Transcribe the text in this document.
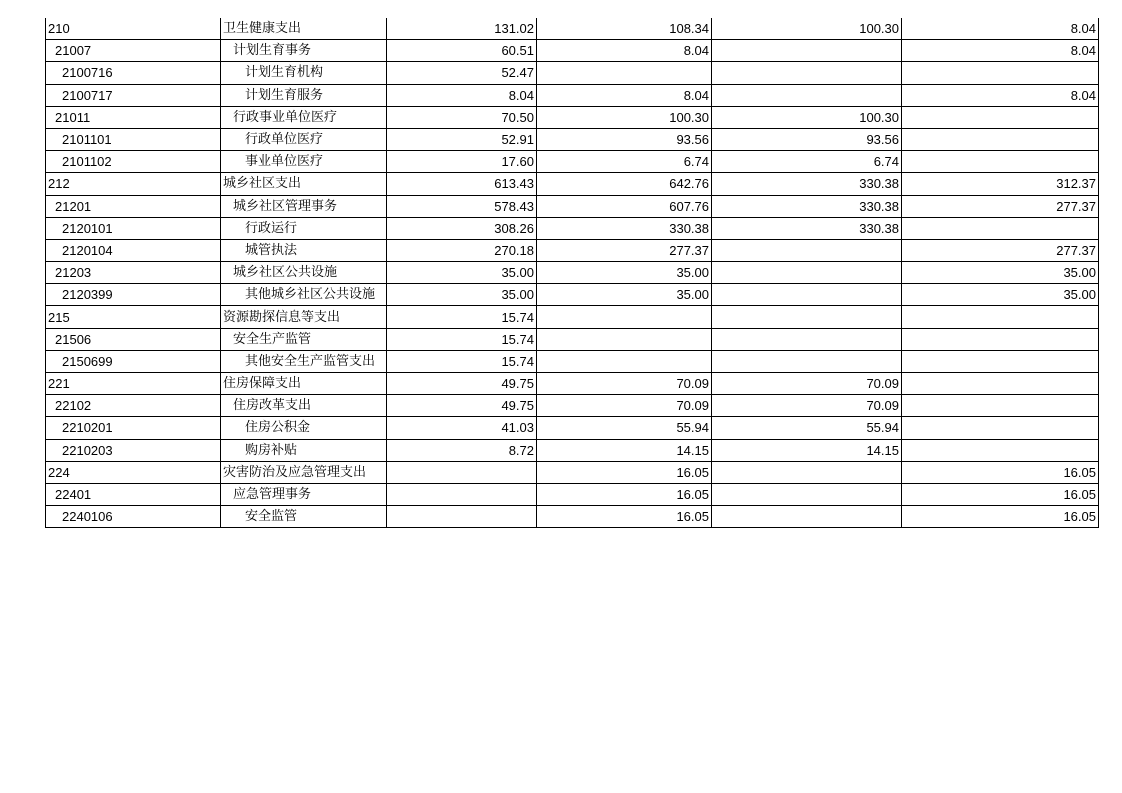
210	卫生健康支出	131.02	108.34	100.30	8.04
21007	计划生育事务	60.51	8.04		8.04
2100716	计划生育机构	52.47			
2100717	计划生育服务	8.04	8.04		8.04
21011	行政事业单位医疗	70.50	100.30	100.30	
2101101	行政单位医疗	52.91	93.56	93.56	
2101102	事业单位医疗	17.60	6.74	6.74	
212	城乡社区支出	613.43	642.76	330.38	312.37
21201	城乡社区管理事务	578.43	607.76	330.38	277.37
2120101	行政运行	308.26	330.38	330.38	
2120104	城管执法	270.18	277.37		277.37
21203	城乡社区公共设施	35.00	35.00		35.00
2120399	其他城乡社区公共设施	35.00	35.00		35.00
215	资源勘探信息等支出	15.74			
21506	安全生产监管	15.74			
2150699	其他安全生产监管支出	15.74			
221	住房保障支出	49.75	70.09	70.09	
22102	住房改革支出	49.75	70.09	70.09	
2210201	住房公积金	41.03	55.94	55.94	
2210203	购房补贴	8.72	14.15	14.15	
224	灾害防治及应急管理支出		16.05		16.05
22401	应急管理事务		16.05		16.05
2240106	安全监管		16.05		16.05
